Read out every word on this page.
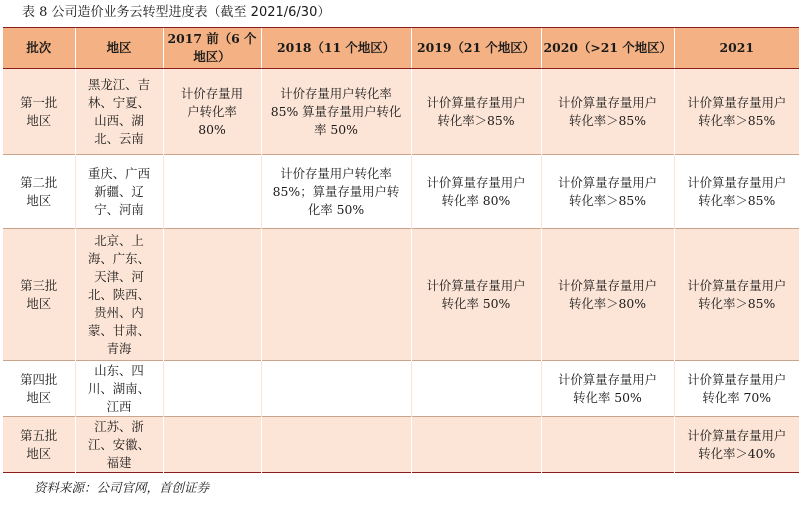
表 8 公司造价业务云转型进度表（截至 2021/6/30）
批次	地区	2017 前（6 个地区）	2018（11 个地区）	2019（21 个地区）	2020（>21 个地区）	2021
第一批地区	黑龙江、吉林、宁夏、山西、湖北、云南	计价存量用户转化率 80%	计价存量用户转化率 85% 算量存量用户转化率 50%	计价算量存量用户转化率＞85%	计价算量存量用户转化率＞85%	计价算量存量用户转化率＞85%
第二批地区	重庆、广西新疆、辽宁、河南		计价存量用户转化率 85%；算量存量用户转化率 50%	计价算量存量用户转化率 80%	计价算量存量用户转化率＞85%	计价算量存量用户转化率＞85%
第三批地区	北京、上海、广东、天津、河北、陕西、贵州、内蒙、甘肃、青海			计价算量存量用户转化率 50%	计价算量存量用户转化率＞80%	计价算量存量用户转化率＞85%
第四批地区	山东、四川、湖南、江西				计价算量存量用户转化率 50%	计价算量存量用户转化率 70%
第五批地区	江苏、浙江、安徽、福建					计价算量存量用户转化率＞40%
资料来源：公司官网，首创证券
